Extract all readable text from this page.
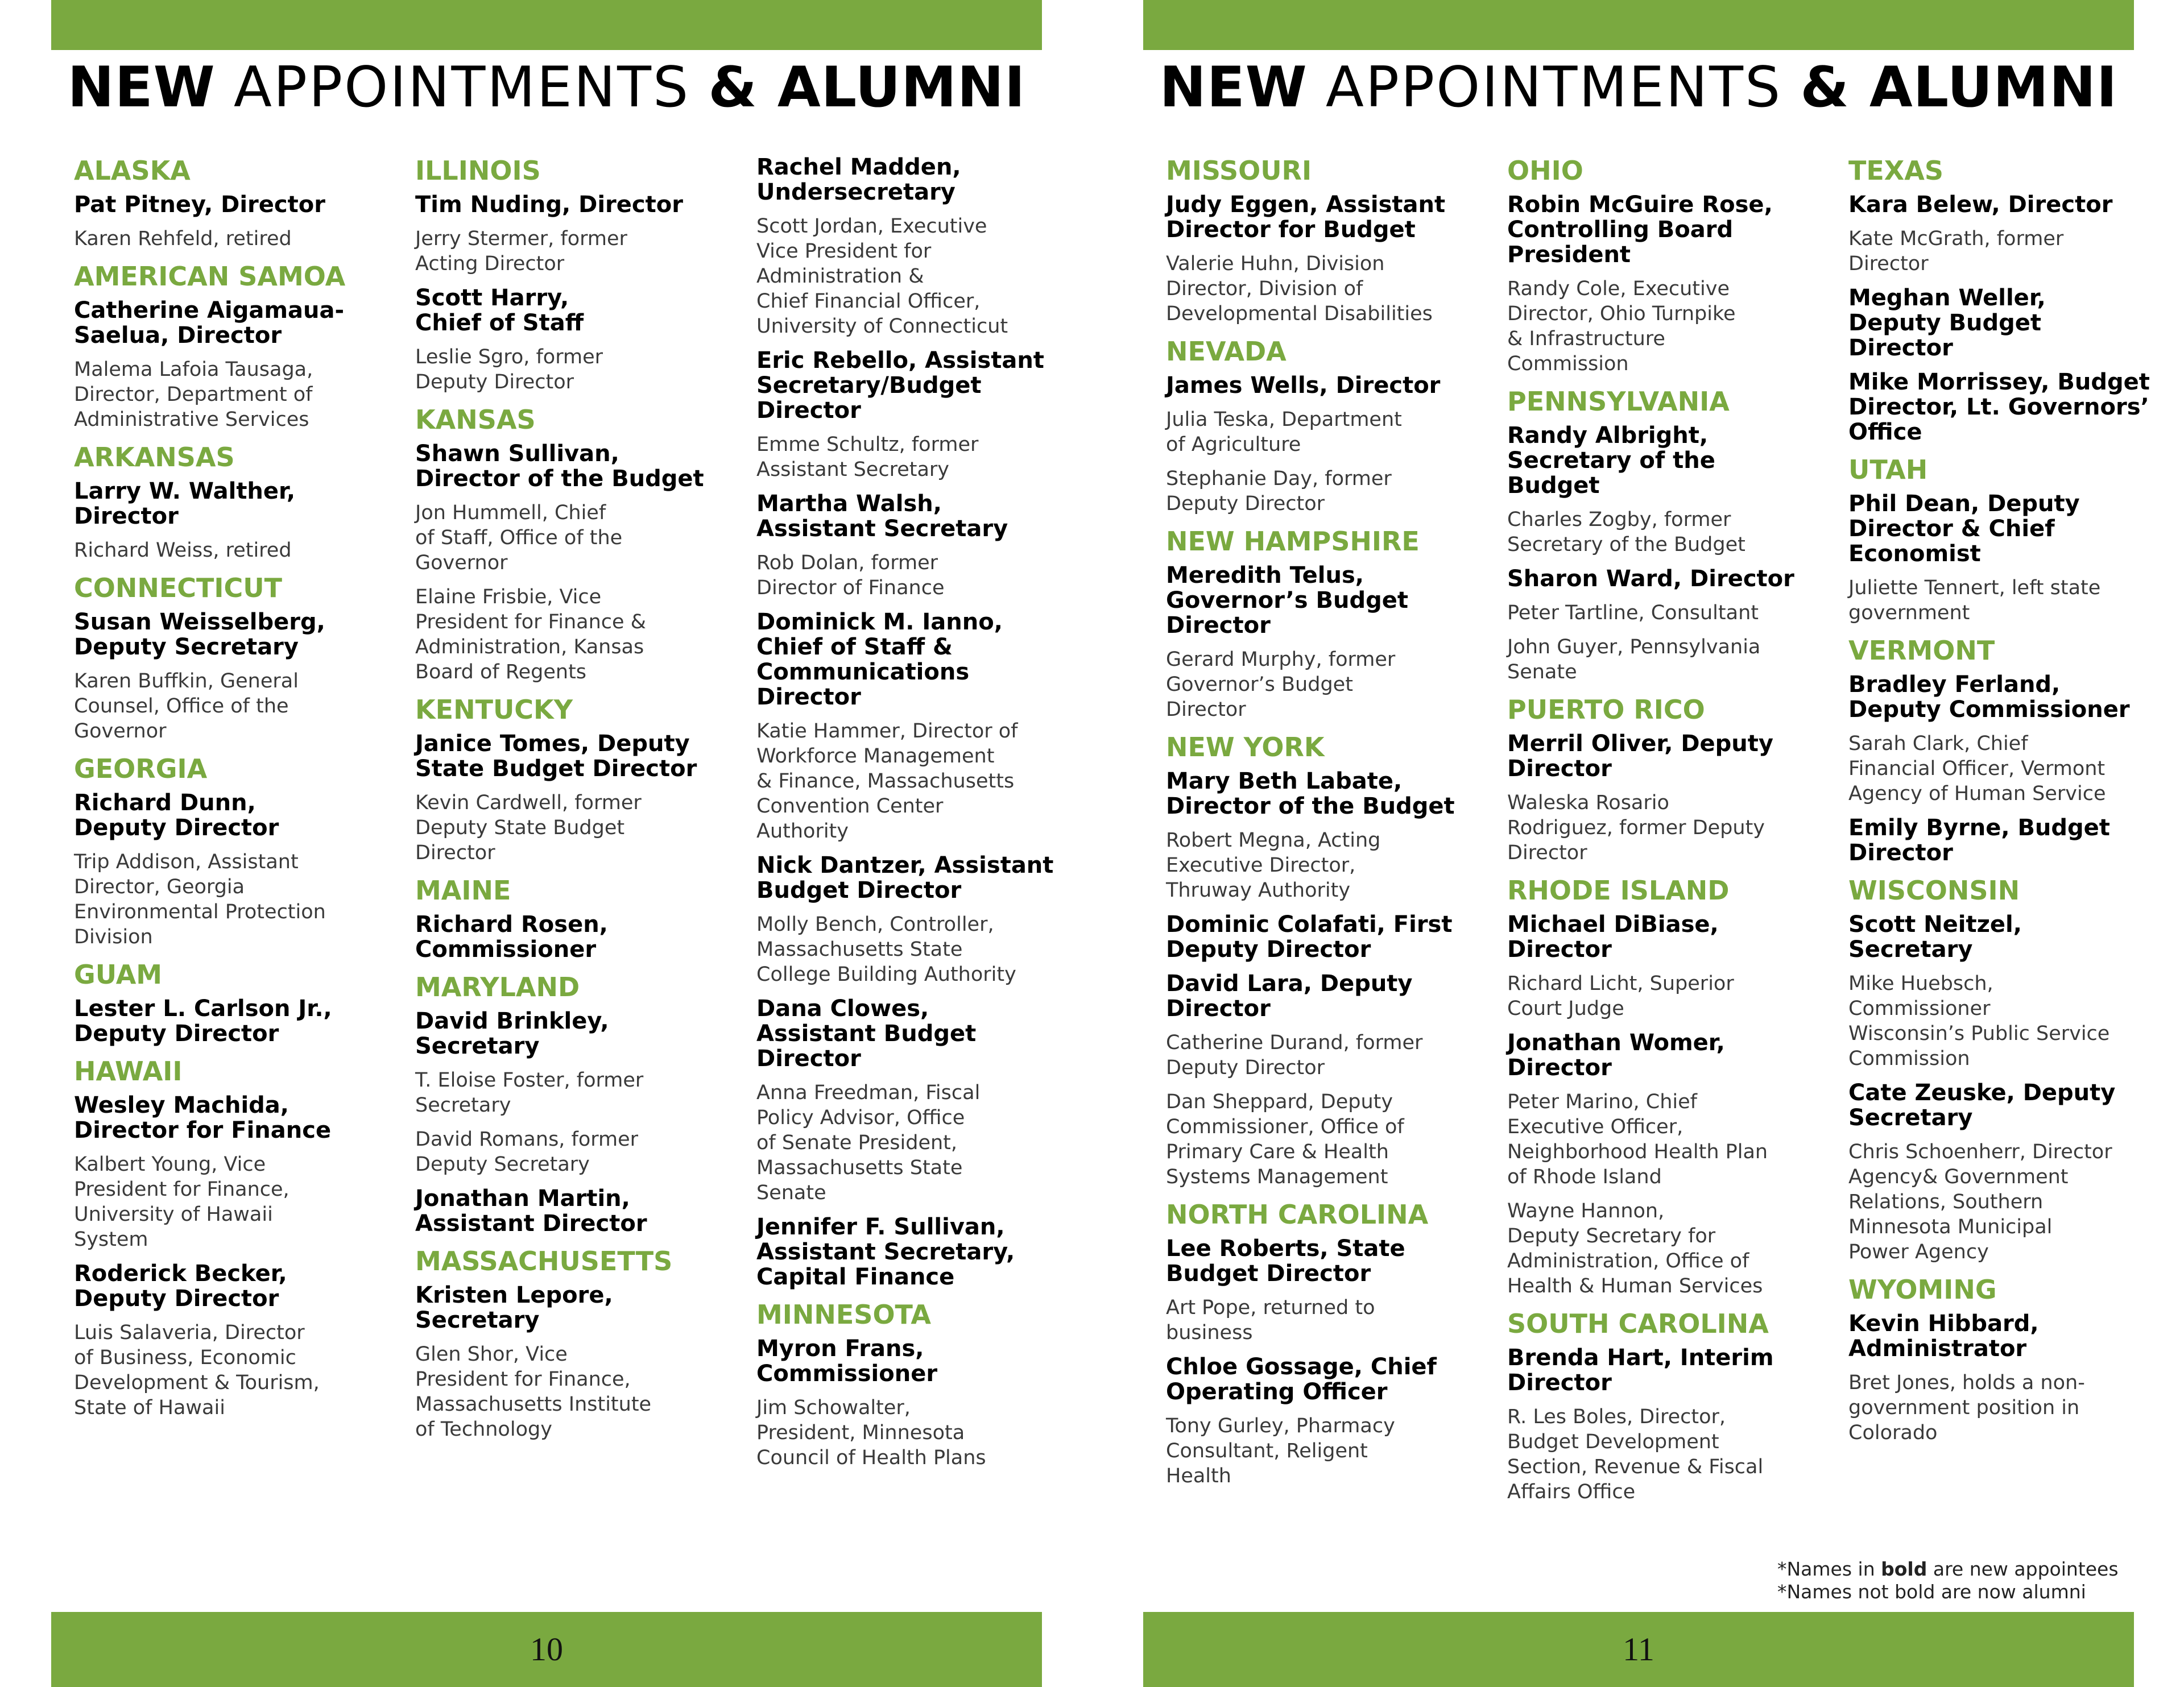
NEW APPOINTMENTS & ALUMNI
10
NEW APPOINTMENTS & ALUMNI
11
ALASKA
Pat Pitney, Director
Karen Rehfeld, retired
AMERICAN SAMOA
Catherine Aigamaua-
Saelua, Director
Malema Lafoia Tausaga,
Director, Department of
Administrative Services
ARKANSAS
Larry W. Walther,
Director
Richard Weiss, retired
CONNECTICUT
Susan Weisselberg,
Deputy Secretary
Karen Buffkin, General
Counsel, Office of the
Governor
GEORGIA
Richard Dunn,
Deputy Director
Trip Addison, Assistant
Director, Georgia
Environmental Protection
Division
GUAM
Lester L. Carlson Jr.,
Deputy Director
HAWAII
Wesley Machida,
Director for Finance
Kalbert Young, Vice
President for Finance,
University of Hawaii
System
Roderick Becker,
Deputy Director
Luis Salaveria, Director
of Business, Economic
Development & Tourism,
State of Hawaii
ILLINOIS
Tim Nuding, Director
Jerry Stermer, former
Acting Director
Scott Harry,
Chief of Staff
Leslie Sgro, former
Deputy Director
KANSAS
Shawn Sullivan,
Director of the Budget
Jon Hummell, Chief
of Staff, Office of the
Governor
Elaine Frisbie, Vice
President for Finance &
Administration, Kansas
Board of Regents
KENTUCKY
Janice Tomes, Deputy
State Budget Director
Kevin Cardwell, former
Deputy State Budget
Director
MAINE
Richard Rosen,
Commissioner
MARYLAND
David Brinkley,
Secretary
T. Eloise Foster, former
Secretary
David Romans, former
Deputy Secretary
Jonathan Martin,
Assistant Director
MASSACHUSETTS
Kristen Lepore,
Secretary
Glen Shor, Vice
President for Finance,
Massachusetts Institute
of Technology
Rachel Madden,
Undersecretary
Scott Jordan, Executive
Vice President for
Administration &
Chief Financial Officer,
University of Connecticut
Eric Rebello, Assistant
Secretary/Budget
Director
Emme Schultz, former
Assistant Secretary
Martha Walsh,
Assistant Secretary
Rob Dolan, former
Director of Finance
Dominick M. Ianno,
Chief of Staff &
Communications
Director
Katie Hammer, Director of
Workforce Management
& Finance, Massachusetts
Convention Center
Authority
Nick Dantzer, Assistant
Budget Director
Molly Bench, Controller,
Massachusetts State
College Building Authority
Dana Clowes,
Assistant Budget
Director
Anna Freedman, Fiscal
Policy Advisor, Office
of Senate President,
Massachusetts State
Senate
Jennifer F. Sullivan,
Assistant Secretary,
Capital Finance
MINNESOTA
Myron Frans,
Commissioner
Jim Schowalter,
President, Minnesota
Council of Health Plans
MISSOURI
Judy Eggen, Assistant
Director for Budget
Valerie Huhn, Division
Director, Division of
Developmental Disabilities
NEVADA
James Wells, Director
Julia Teska, Department
of Agriculture
Stephanie Day, former
Deputy Director
NEW HAMPSHIRE
Meredith Telus,
Governor’s Budget
Director
Gerard Murphy, former
Governor’s Budget
Director
NEW YORK
Mary Beth Labate,
Director of the Budget
Robert Megna, Acting
Executive Director,
Thruway Authority
Dominic Colafati, First
Deputy Director
David Lara, Deputy
Director
Catherine Durand, former
Deputy Director
Dan Sheppard, Deputy
Commissioner, Office of
Primary Care & Health
Systems Management
NORTH CAROLINA
Lee Roberts, State
Budget Director
Art Pope, returned to
business
Chloe Gossage, Chief
Operating Officer
Tony Gurley, Pharmacy
Consultant, Religent
Health
OHIO
Robin McGuire Rose,
Controlling Board
President
Randy Cole, Executive
Director, Ohio Turnpike
& Infrastructure
Commission
PENNSYLVANIA
Randy Albright,
Secretary of the
Budget
Charles Zogby, former
Secretary of the Budget
Sharon Ward, Director
Peter Tartline, Consultant
John Guyer, Pennsylvania
Senate
PUERTO RICO
Merril Oliver, Deputy
Director
Waleska Rosario
Rodriguez, former Deputy
Director
RHODE ISLAND
Michael DiBiase,
Director
Richard Licht, Superior
Court Judge
Jonathan Womer,
Director
Peter Marino, Chief
Executive Officer,
Neighborhood Health Plan
of Rhode Island
Wayne Hannon,
Deputy Secretary for
Administration, Office of
Health & Human Services
SOUTH CAROLINA
Brenda Hart, Interim
Director
R. Les Boles, Director,
Budget Development
Section, Revenue & Fiscal
Affairs Office
TEXAS
Kara Belew, Director
Kate McGrath, former
Director
Meghan Weller,
Deputy Budget
Director
Mike Morrissey, Budget
Director, Lt. Governors’
Office
UTAH
Phil Dean, Deputy
Director & Chief
Economist
Juliette Tennert, left state
government
VERMONT
Bradley Ferland,
Deputy Commissioner
Sarah Clark, Chief
Financial Officer, Vermont
Agency of Human Service
Emily Byrne, Budget
Director
WISCONSIN
Scott Neitzel,
Secretary
Mike Huebsch,
Commissioner
Wisconsin’s Public Service
Commission
Cate Zeuske, Deputy
Secretary
Chris Schoenherr, Director
Agency& Government
Relations, Southern
Minnesota Municipal
Power Agency
WYOMING
Kevin Hibbard,
Administrator
Bret Jones, holds a non-
government position in
Colorado
*Names in bold are new appointees
*Names not bold are now alumni
